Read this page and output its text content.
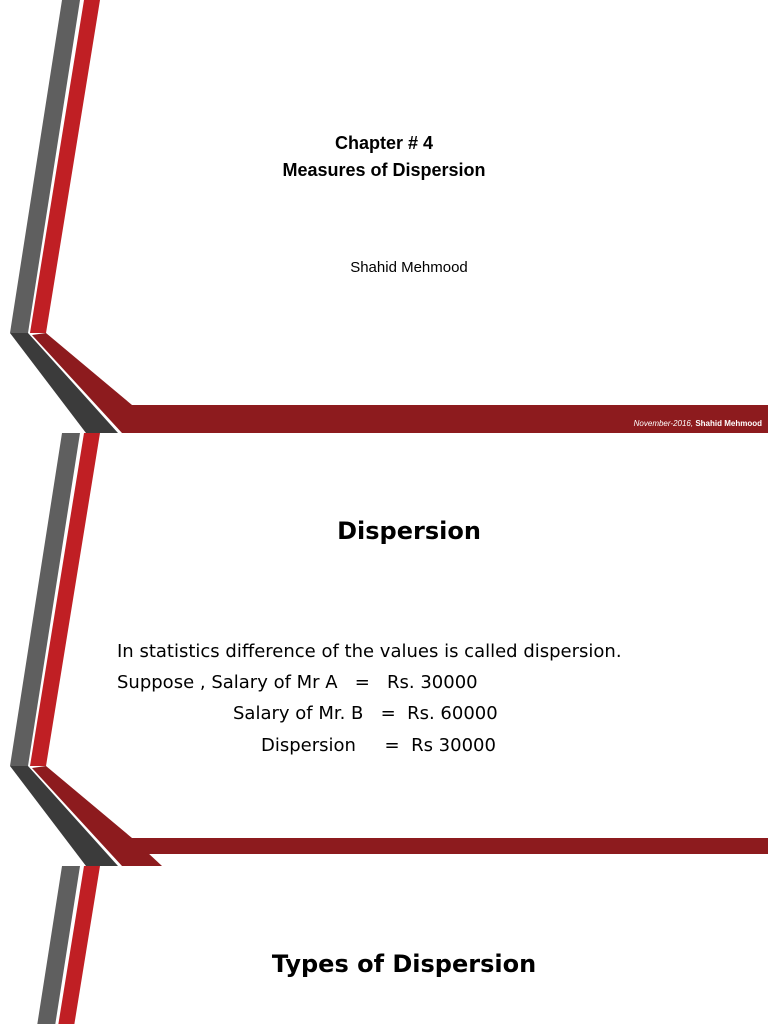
Chapter # 4
Measures of Dispersion
Shahid Mehmood
November-2016, Shahid Mehmood
Dispersion
In statistics difference of the values is called dispersion.
Suppose , Salary of Mr A   =   Rs. 30000
Salary of Mr. B   =  Rs. 60000
Dispersion     =  Rs 30000
Types of Dispersion
